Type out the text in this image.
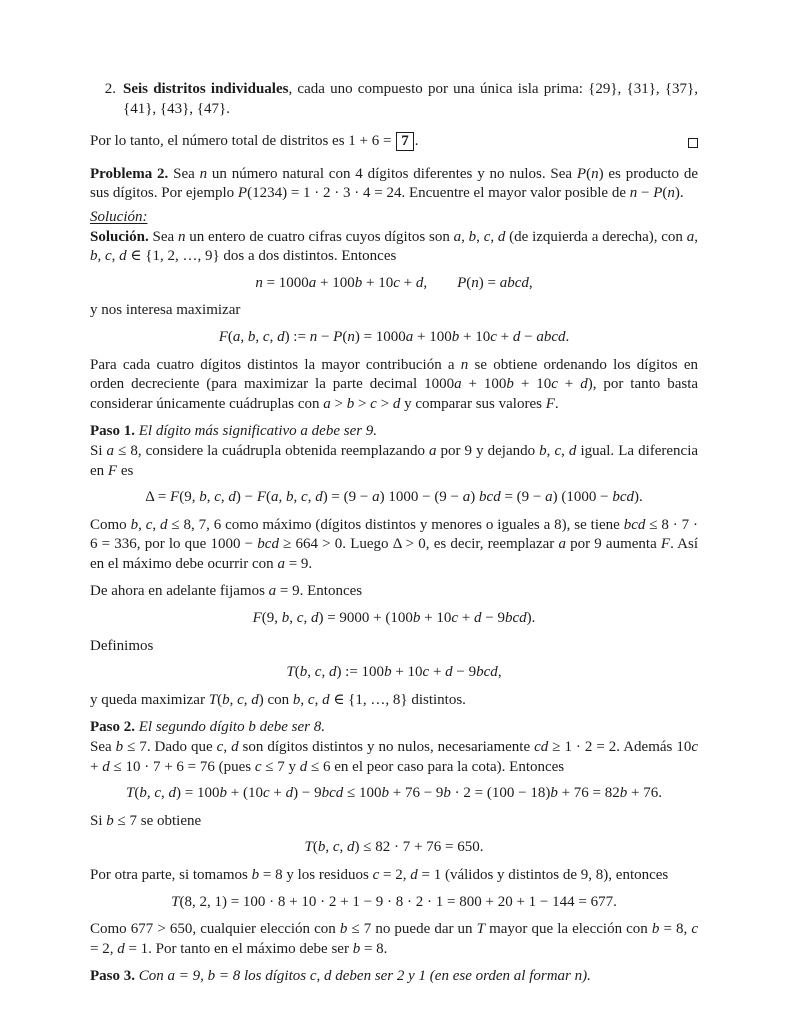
2. Seis distritos individuales, cada uno compuesto por una única isla prima: {29}, {31}, {37}, {41}, {43}, {47}.
Por lo tanto, el número total de distritos es 1 + 6 = 7 .
Problema 2. Sea n un número natural con 4 dígitos diferentes y no nulos. Sea P(n) es producto de sus dígitos. Por ejemplo P(1234) = 1 · 2 · 3 · 4 = 24. Encuentre el mayor valor posible de n − P(n).
Solución:
Solución. Sea n un entero de cuatro cifras cuyos dígitos son a, b, c, d (de izquierda a derecha), con a, b, c, d ∈ {1, 2, …, 9} dos a dos distintos. Entonces
n = 1000a + 100b + 10c + d,  P(n) = abcd,
y nos interesa maximizar
F(a, b, c, d) := n − P(n) = 1000a + 100b + 10c + d − abcd.
Para cada cuatro dígitos distintos la mayor contribución a n se obtiene ordenando los dígitos en orden decreciente (para maximizar la parte decimal 1000a + 100b + 10c + d), por tanto basta considerar únicamente cuádruplas con a > b > c > d y comparar sus valores F.
Paso 1. El dígito más significativo a debe ser 9.
Si a ≤ 8, considere la cuádrupla obtenida reemplazando a por 9 y dejando b, c, d igual. La diferencia en F es
Δ = F(9, b, c, d) − F(a, b, c, d) = (9 − a) 1000 − (9 − a) bcd = (9 − a) (1000 − bcd).
Como b, c, d ≤ 8, 7, 6 como máximo (dígitos distintos y menores o iguales a 8), se tiene bcd ≤ 8 · 7 · 6 = 336, por lo que 1000 − bcd ≥ 664 > 0. Luego Δ > 0, es decir, reemplazar a por 9 aumenta F. Así en el máximo debe ocurrir con a = 9.
De ahora en adelante fijamos a = 9. Entonces
F(9, b, c, d) = 9000 + (100b + 10c + d − 9bcd).
Definimos
T(b, c, d) := 100b + 10c + d − 9bcd,
y queda maximizar T(b, c, d) con b, c, d ∈ {1, …, 8} distintos.
Paso 2. El segundo dígito b debe ser 8.
Sea b ≤ 7. Dado que c, d son dígitos distintos y no nulos, necesariamente cd ≥ 1 · 2 = 2. Además 10c + d ≤ 10 · 7 + 6 = 76 (pues c ≤ 7 y d ≤ 6 en el peor caso para la cota). Entonces
T(b, c, d) = 100b + (10c + d) − 9bcd ≤ 100b + 76 − 9b · 2 = (100 − 18)b + 76 = 82b + 76.
Si b ≤ 7 se obtiene
T(b, c, d) ≤ 82 · 7 + 76 = 650.
Por otra parte, si tomamos b = 8 y los residuos c = 2, d = 1 (válidos y distintos de 9, 8), entonces
T(8, 2, 1) = 100 · 8 + 10 · 2 + 1 − 9 · 8 · 2 · 1 = 800 + 20 + 1 − 144 = 677.
Como 677 > 650, cualquier elección con b ≤ 7 no puede dar un T mayor que la elección con b = 8, c = 2, d = 1. Por tanto en el máximo debe ser b = 8.
Paso 3. Con a = 9, b = 8 los dígitos c, d deben ser 2 y 1 (en ese orden al formar n).
